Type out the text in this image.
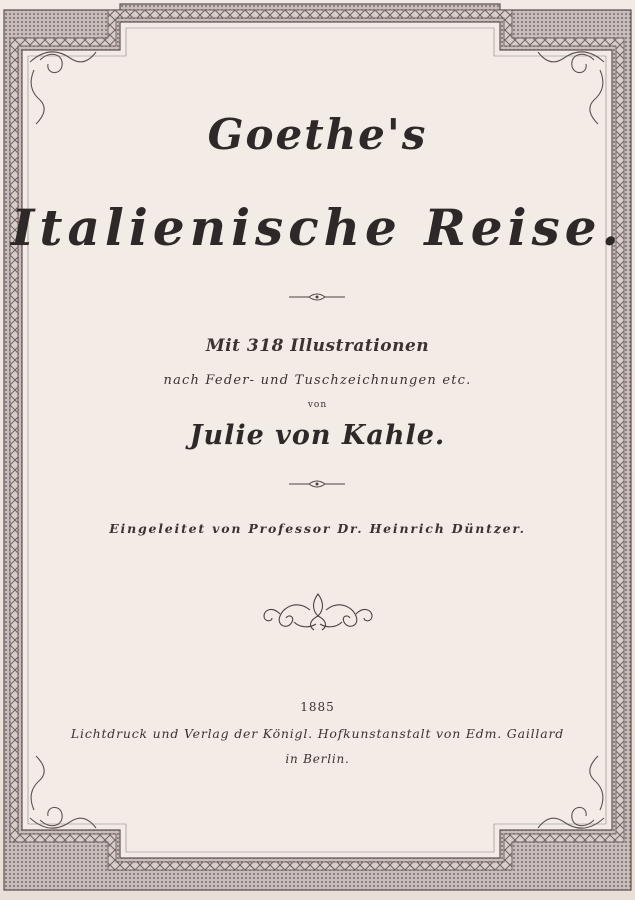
Goethe's
Italienische Reise.
Mit 318 Illustrationen
nach Feder- und Tuschzeichnungen etc.
von
Julie von Kahle.
Eingeleitet von Professor Dr. Heinrich Düntzer.
1885
Lichtdruck und Verlag der Königl. Hofkunstanstalt von Edm. Gaillard
in Berlin.
